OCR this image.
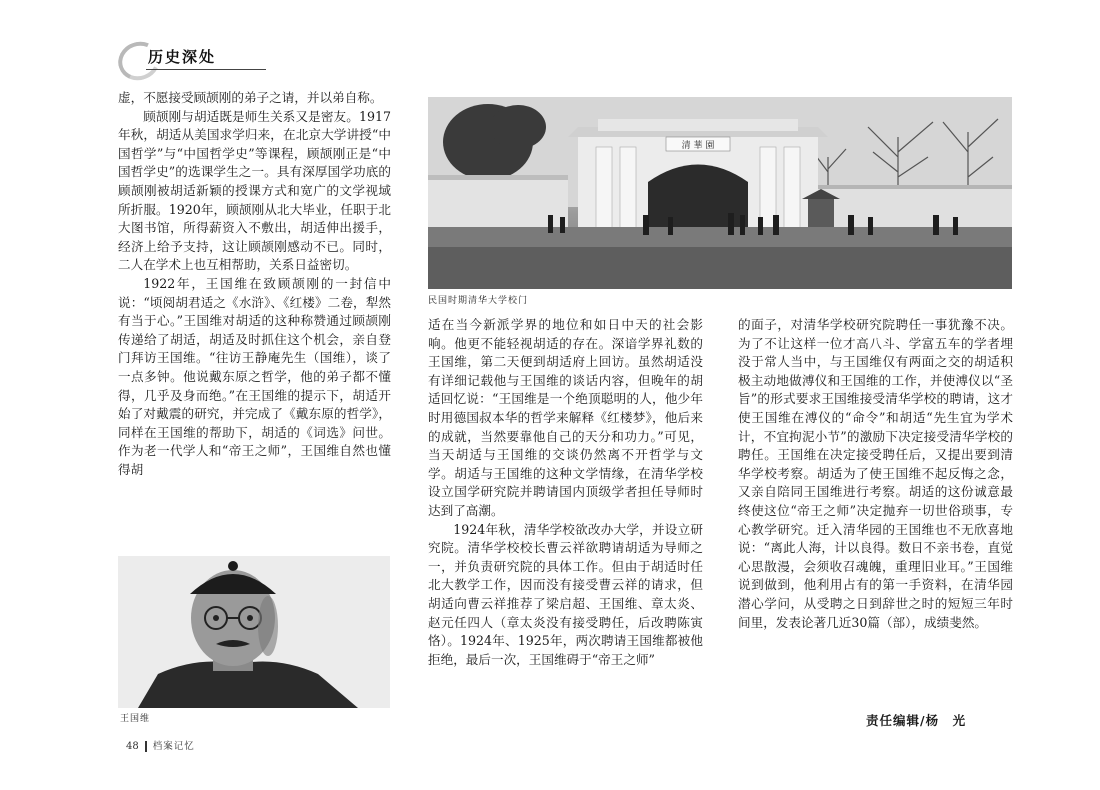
历史深处

虚，不愿接受顾颉刚的弟子之请，并以弟自称。

顾颉刚与胡适既是师生关系又是密友。1917年秋，胡适从美国求学归来，在北京大学讲授“中国哲学”与“中国哲学史”等课程，顾颉刚正是“中国哲学史”的选课学生之一。具有深厚国学功底的顾颉刚被胡适新颖的授课方式和宽广的文学视域所折服。1920年，顾颉刚从北大毕业，任职于北大图书馆，所得薪资入不敷出，胡适伸出援手，经济上给予支持，这让顾颉刚感动不已。同时，二人在学术上也互相帮助，关系日益密切。

1922年，王国维在致顾颉刚的一封信中说：“顷阅胡君适之《水浒》、《红楼》二卷，犁然有当于心。”王国维对胡适的这种称赞通过顾颉刚传递给了胡适，胡适及时抓住这个机会，亲自登门拜访王国维。“往访王静庵先生（国维），谈了一点多钟。他说戴东原之哲学，他的弟子都不懂得，几乎及身而绝。”在王国维的提示下，胡适开始了对戴震的研究，并完成了《戴东原的哲学》，同样在王国维的帮助下，胡适的《词选》问世。作为老一代学人和“帝王之师”，王国维自然也懂得胡

清 華 園
民国时期清华大学校门

适在当今新派学界的地位和如日中天的社会影响。他更不能轻视胡适的存在。深谙学界礼数的王国维，第二天便到胡适府上回访。虽然胡适没有详细记载他与王国维的谈话内容，但晚年的胡适回忆说：“王国维是一个绝顶聪明的人，他少年时用德国叔本华的哲学来解释《红楼梦》，他后来的成就，当然要靠他自己的天分和功力。”可见，当天胡适与王国维的交谈仍然离不开哲学与文学。胡适与王国维的这种文学情缘，在清华学校设立国学研究院并聘请国内顶级学者担任导师时达到了高潮。

1924年秋，清华学校欲改办大学，并设立研究院。清华学校校长曹云祥欲聘请胡适为导师之一，并负责研究院的具体工作。但由于胡适时任北大教学工作，因而没有接受曹云祥的请求，但胡适向曹云祥推荐了梁启超、王国维、章太炎、赵元任四人（章太炎没有接受聘任，后改聘陈寅恪）。1924年、1925年，两次聘请王国维都被他拒绝，最后一次，王国维碍于“帝王之师”

的面子，对清华学校研究院聘任一事犹豫不决。为了不让这样一位才高八斗、学富五车的学者埋没于常人当中，与王国维仅有两面之交的胡适积极主动地做溥仪和王国维的工作，并使溥仪以“圣旨”的形式要求王国维接受清华学校的聘请，这才使王国维在溥仪的“命令”和胡适“先生宜为学术计，不宜拘泥小节”的激励下决定接受清华学校的聘任。王国维在决定接受聘任后，又提出要到清华学校考察。胡适为了使王国维不起反悔之念，又亲自陪同王国维进行考察。胡适的这份诚意最终使这位“帝王之师”决定抛弃一切世俗琐事，专心教学研究。迁入清华园的王国维也不无欣喜地说：“离此人海，计以良得。数日不亲书卷，直觉心思散漫，会须收召魂魄，重理旧业耳。”王国维说到做到，他利用占有的第一手资料，在清华园潜心学问，从受聘之日到辞世之时的短短三年时间里，发表论著几近30篇（部），成绩斐然。

王国维	责任编辑/杨　光
48 档案记忆
